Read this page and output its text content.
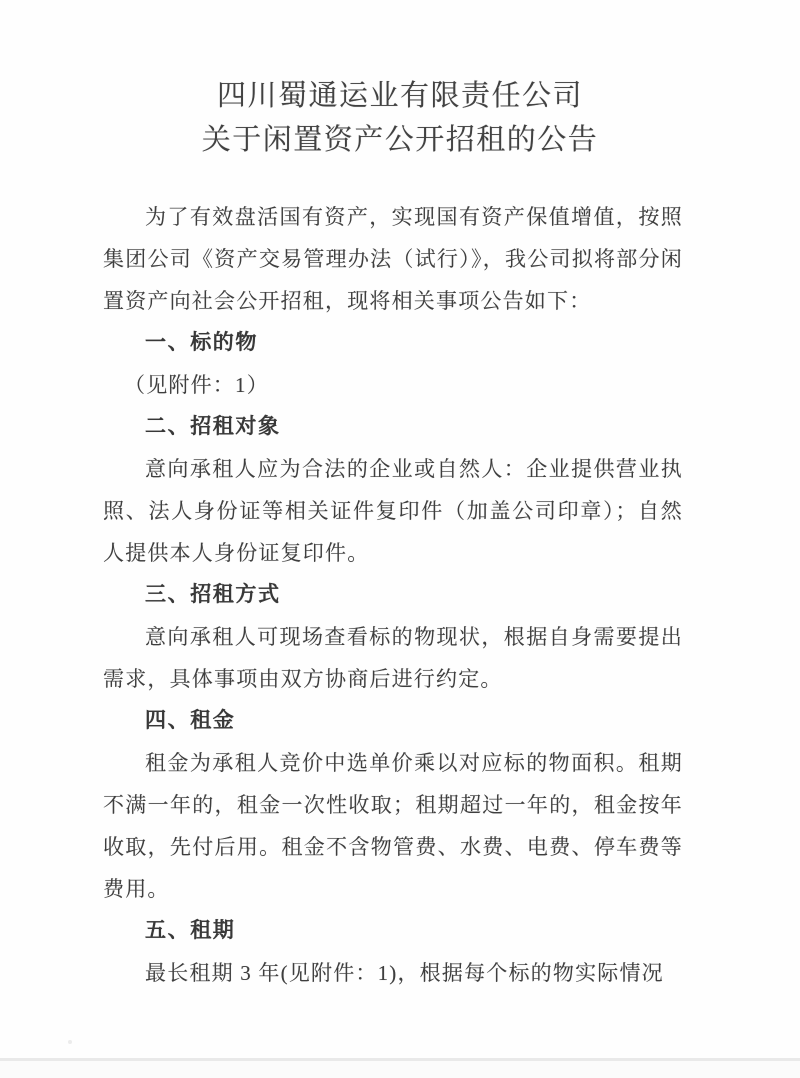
四川蜀通运业有限责任公司
关于闲置资产公开招租的公告
为了有效盘活国有资产，实现国有资产保值增值，按照集团公司《资产交易管理办法（试行）》，我公司拟将部分闲置资产向社会公开招租，现将相关事项公告如下：
一、标的物
（见附件：1）
二、招租对象
意向承租人应为合法的企业或自然人：企业提供营业执照、法人身份证等相关证件复印件（加盖公司印章）；自然人提供本人身份证复印件。
三、招租方式
意向承租人可现场查看标的物现状，根据自身需要提出需求，具体事项由双方协商后进行约定。
四、租金
租金为承租人竞价中选单价乘以对应标的物面积。租期不满一年的，租金一次性收取；租期超过一年的，租金按年收取，先付后用。租金不含物管费、水费、电费、停车费等费用。
五、租期
最长租期 3 年(见附件：1)，根据每个标的物实际情况
